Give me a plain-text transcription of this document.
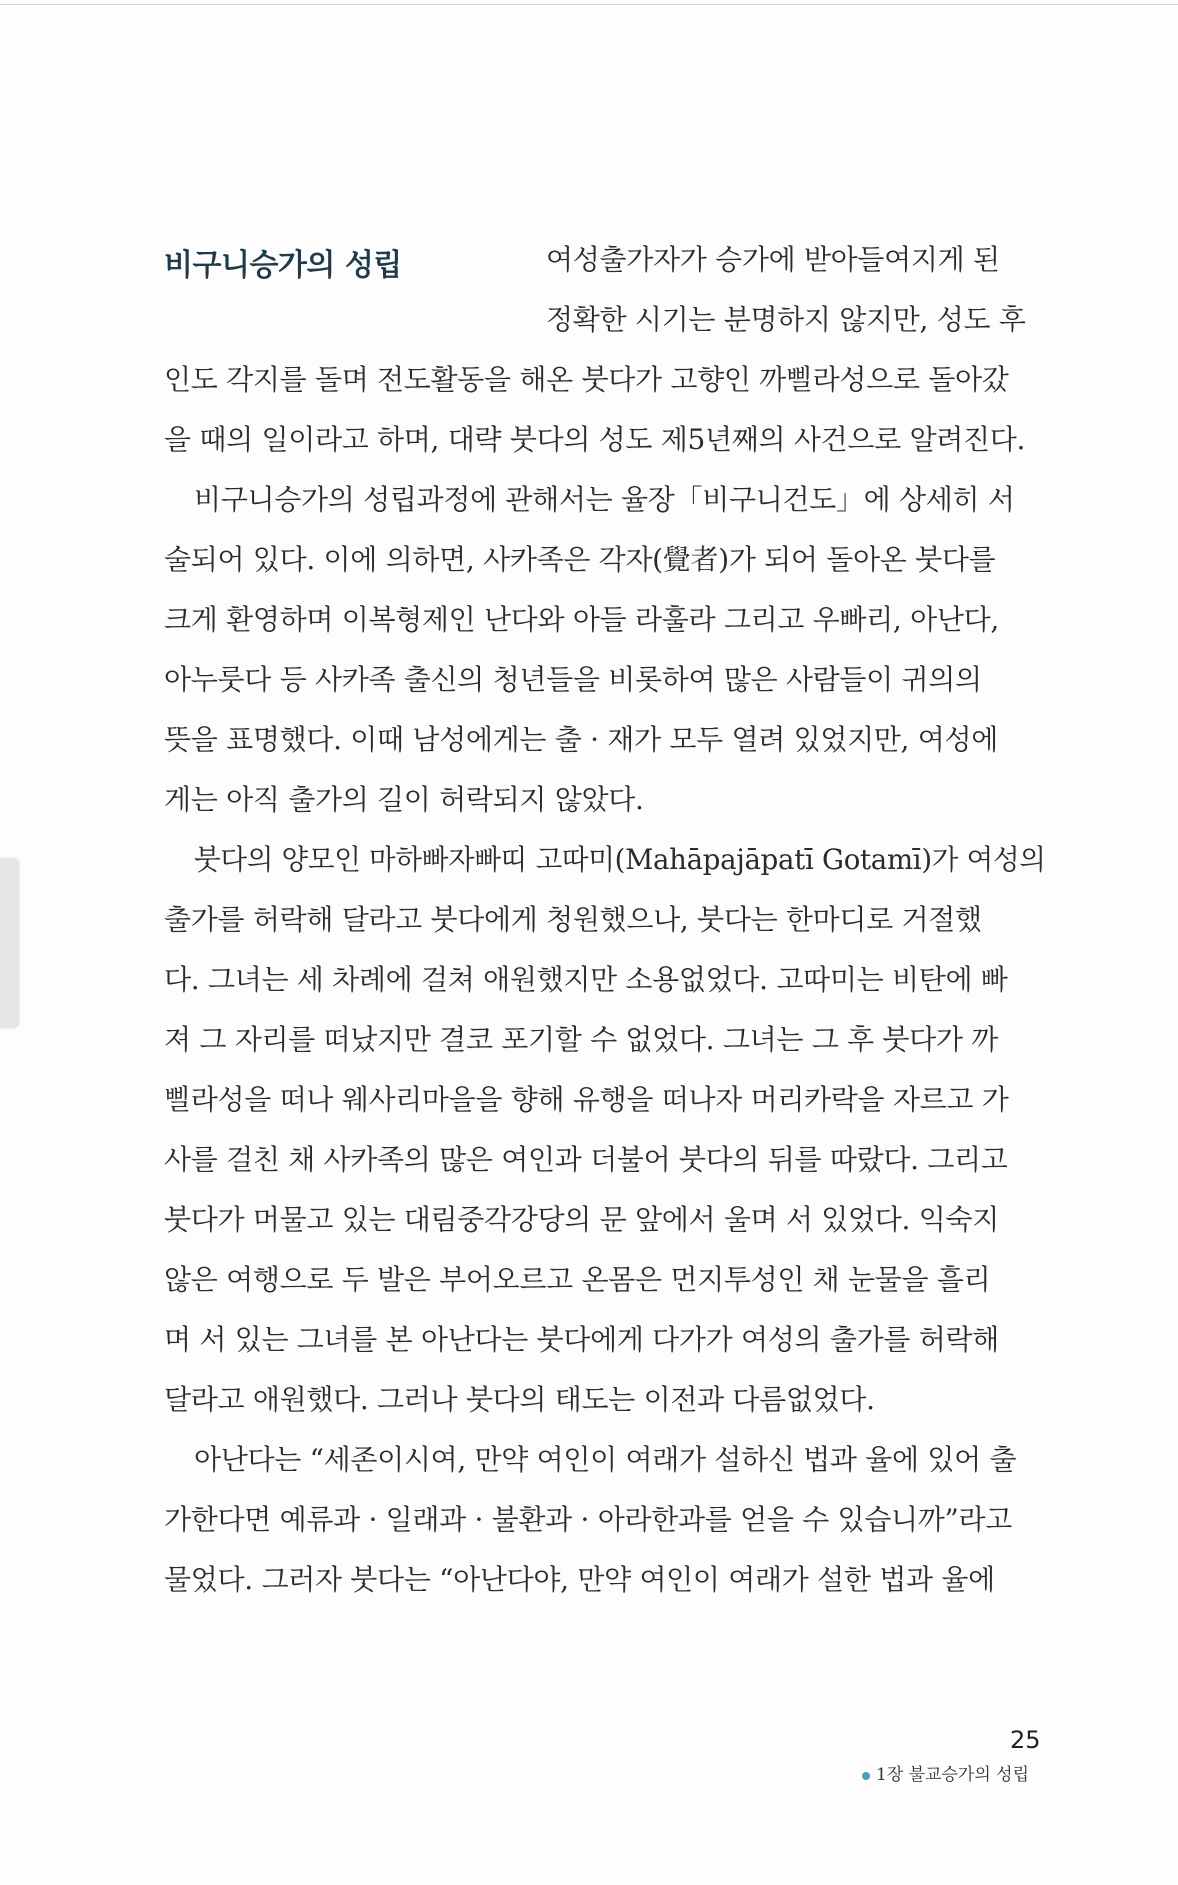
비구니승가의 성립	여성출가자가 승가에 받아들여지게 된
정확한 시기는 분명하지 않지만, 성도 후
인도 각지를 돌며 전도활동을 해온 붓다가 고향인 까삘라성으로 돌아갔
을 때의 일이라고 하며, 대략 붓다의 성도 제5년째의 사건으로 알려진다.
비구니승가의 성립과정에 관해서는 율장「비구니건도」에 상세히 서
술되어 있다. 이에 의하면, 사카족은 각자(覺者)가 되어 돌아온 붓다를
크게 환영하며 이복형제인 난다와 아들 라훌라 그리고 우빠리, 아난다,
아누룻다 등 사카족 출신의 청년들을 비롯하여 많은 사람들이 귀의의
뜻을 표명했다. 이때 남성에게는 출 · 재가 모두 열려 있었지만, 여성에
게는 아직 출가의 길이 허락되지 않았다.
붓다의 양모인 마하빠자빠띠 고따미(Mahāpajāpatī Gotamī)가 여성의
출가를 허락해 달라고 붓다에게 청원했으나, 붓다는 한마디로 거절했
다. 그녀는 세 차례에 걸쳐 애원했지만 소용없었다. 고따미는 비탄에 빠
져 그 자리를 떠났지만 결코 포기할 수 없었다. 그녀는 그 후 붓다가 까
삘라성을 떠나 웨사리마을을 향해 유행을 떠나자 머리카락을 자르고 가
사를 걸친 채 사카족의 많은 여인과 더불어 붓다의 뒤를 따랐다. 그리고
붓다가 머물고 있는 대림중각강당의 문 앞에서 울며 서 있었다. 익숙지
않은 여행으로 두 발은 부어오르고 온몸은 먼지투성인 채 눈물을 흘리
며 서 있는 그녀를 본 아난다는 붓다에게 다가가 여성의 출가를 허락해
달라고 애원했다. 그러나 붓다의 태도는 이전과 다름없었다.
아난다는 “세존이시여, 만약 여인이 여래가 설하신 법과 율에 있어 출
가한다면 예류과 · 일래과 · 불환과 · 아라한과를 얻을 수 있습니까”라고
물었다. 그러자 붓다는 “아난다야, 만약 여인이 여래가 설한 법과 율에
25
1장 불교승가의 성립
